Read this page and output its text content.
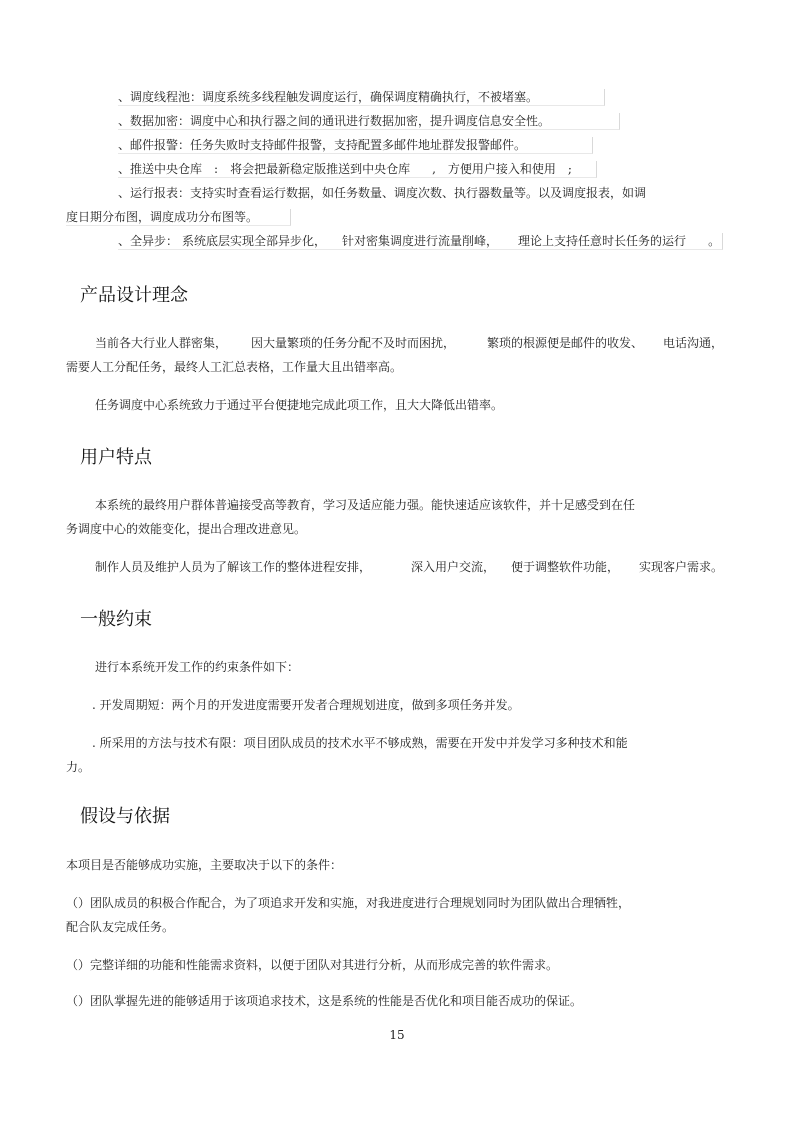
、调度线程池：调度系统多线程触发调度运行，确保调度精确执行，不被堵塞。
、数据加密：调度中心和执行器之间的通讯进行数据加密，提升调度信息安全性。
、邮件报警：任务失败时支持邮件报警，支持配置多邮件地址群发报警邮件。
、推送中央仓库 : 将会把最新稳定版推送到中央仓库 , 方便用户接入和使用 ;
、运行报表：支持实时查看运行数据，如任务数量、调度次数、执行器数量等。以及调度报表，如调
度日期分布图，调度成功分布图等。
、全异步： 系统底层实现全部异步化， 针对密集调度进行流量削峰， 理论上支持任意时长任务的运行 。
产品设计理念
当前各大行业人群密集， 因大量繁琐的任务分配不及时而困扰，	繁琐的根源便是邮件的收发、 电话沟通，
需要人工分配任务，最终人工汇总表格，工作量大且出错率高。
任务调度中心系统致力于通过平台便捷地完成此项工作，且大大降低出错率。
用户特点
本系统的最终用户群体普遍接受高等教育，学习及适应能力强。能快速适应该软件，并十足感受到在任
务调度中心的效能变化，提出合理改进意见。
制作人员及维护人员为了解该工作的整体进程安排，	深入用户交流， 便于调整软件功能， 实现客户需求。
一般约束
进行本系统开发工作的约束条件如下：
. 开发周期短：两个月的开发进度需要开发者合理规划进度，做到多项任务并发。
. 所采用的方法与技术有限：项目团队成员的技术水平不够成熟，需要在开发中并发学习多种技术和能
力。
假设与依据
本项目是否能够成功实施，主要取决于以下的条件：
（）团队成员的积极合作配合，为了项追求开发和实施，对我进度进行合理规划同时为团队做出合理牺牲，
配合队友完成任务。
（）完整详细的功能和性能需求资料，以便于团队对其进行分析，从而形成完善的软件需求。
（）团队掌握先进的能够适用于该项追求技术，这是系统的性能是否优化和项目能否成功的保证。
15
